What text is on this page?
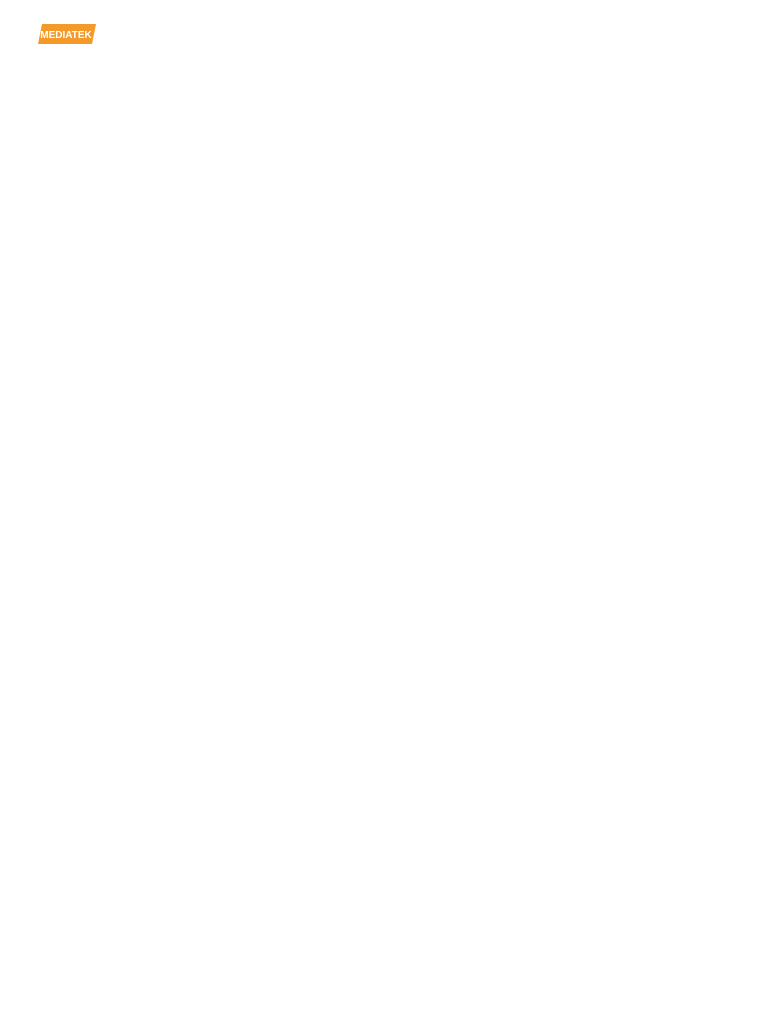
MEDIATEK
